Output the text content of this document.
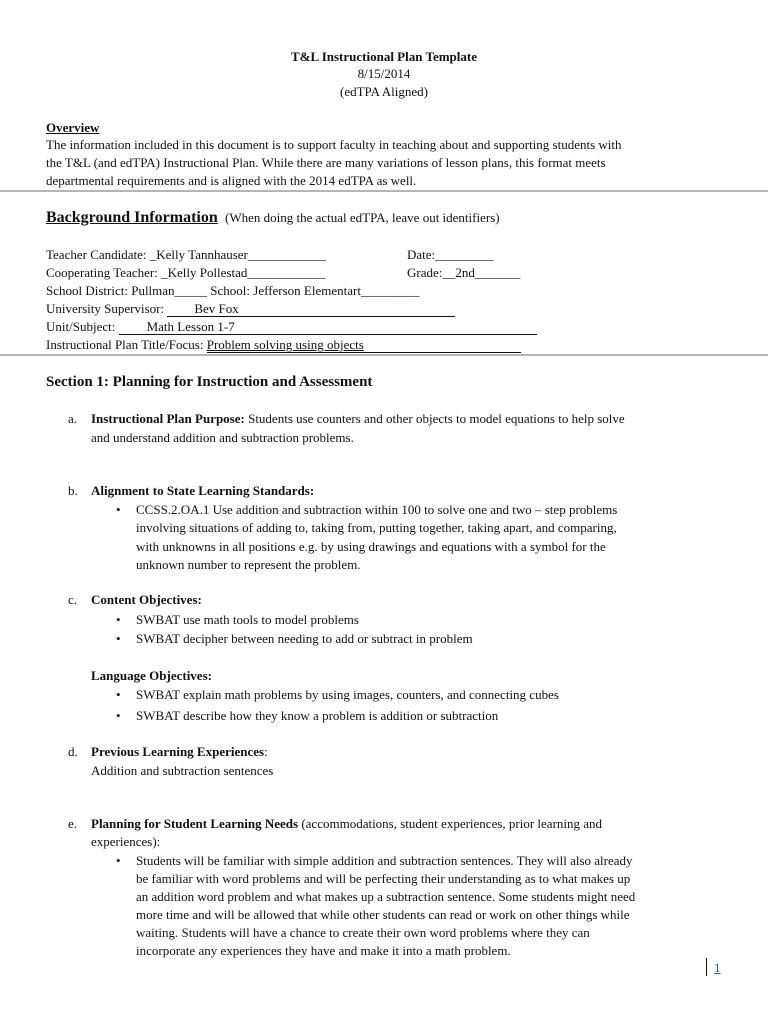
T&L Instructional Plan Template
8/15/2014
(edTPA Aligned)
Overview
The information included in this document is to support faculty in teaching about and supporting students with
the T&L (and edTPA) Instructional Plan. While there are many variations of lesson plans, this format meets
departmental requirements and is aligned with the 2014 edTPA as well.
Background Information (When doing the actual edTPA, leave out identifiers)
Teacher Candidate: _Kelly Tannhauser____________	Date:_________
Cooperating Teacher: _Kelly Pollestad____________	Grade:__2nd_______
School District: Pullman_____ School: Jefferson Elementart_________
University Supervisor: Bev Fox
Unit/Subject: Math Lesson 1-7
Instructional Plan Title/Focus: Problem solving using objects
Section 1: Planning for Instruction and Assessment
a. Instructional Plan Purpose: Students use counters and other objects to model equations to help solve
and understand addition and subtraction problems.
b. Alignment to State Learning Standards:
• CCSS.2.OA.1 Use addition and subtraction within 100 to solve one and two – step problems
involving situations of adding to, taking from, putting together, taking apart, and comparing,
with unknowns in all positions e.g. by using drawings and equations with a symbol for the
unknown number to represent the problem.
c. Content Objectives:
• SWBAT use math tools to model problems
• SWBAT decipher between needing to add or subtract in problem
Language Objectives:
• SWBAT explain math problems by using images, counters, and connecting cubes
• SWBAT describe how they know a problem is addition or subtraction
d. Previous Learning Experiences:
Addition and subtraction sentences
e. Planning for Student Learning Needs (accommodations, student experiences, prior learning and
experiences):
• Students will be familiar with simple addition and subtraction sentences. They will also already
be familiar with word problems and will be perfecting their understanding as to what makes up
an addition word problem and what makes up a subtraction sentence. Some students might need
more time and will be allowed that while other students can read or work on other things while
waiting. Students will have a chance to create their own word problems where they can
incorporate any experiences they have and make it into a math problem.
1
